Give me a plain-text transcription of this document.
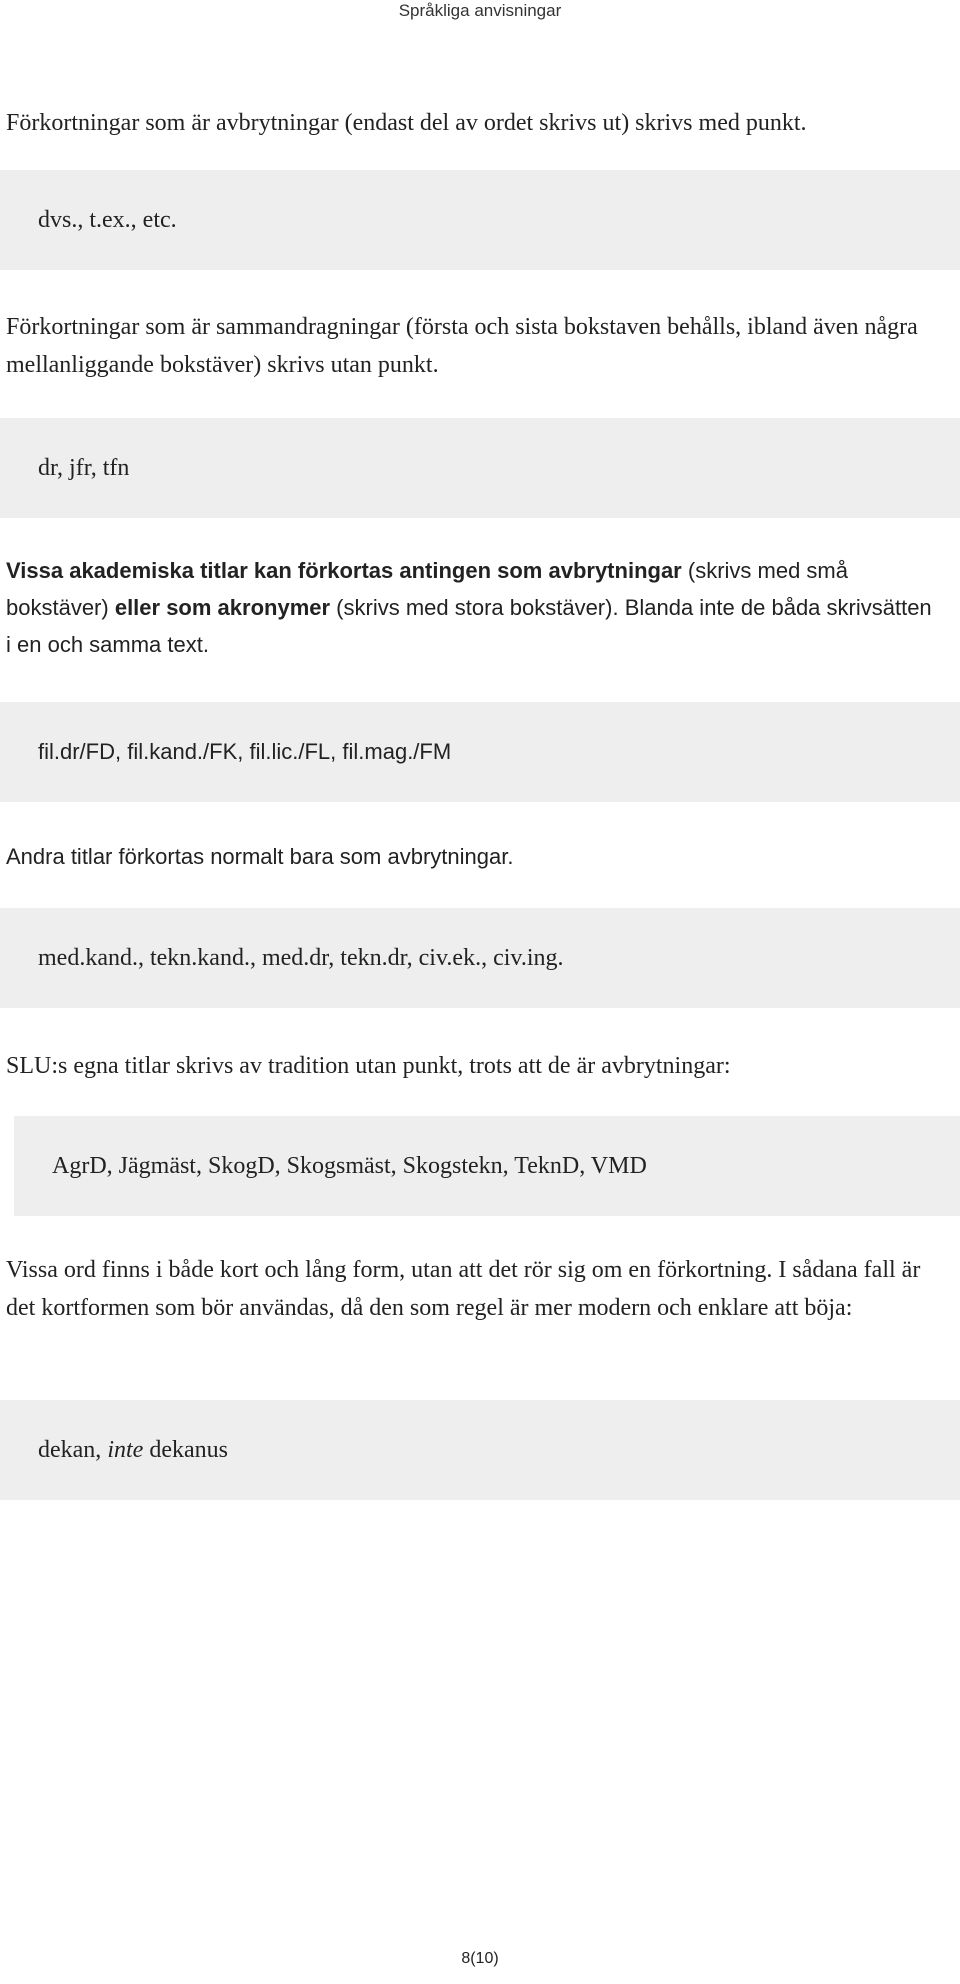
Språkliga anvisningar

Förkortningar som är avbrytningar (endast del av ordet skrivs ut) skrivs med punkt.

dvs., t.ex., etc.

Förkortningar som är sammandragningar (första och sista bokstaven behålls, ibland även några mellanliggande bokstäver) skrivs utan punkt.

dr, jfr, tfn

Vissa akademiska titlar kan förkortas antingen som avbrytningar (skrivs med små bokstäver) eller som akronymer (skrivs med stora bokstäver). Blanda inte de båda skrivsätten i en och samma text.

fil.dr/FD, fil.kand./FK, fil.lic./FL, fil.mag./FM

Andra titlar förkortas normalt bara som avbrytningar.

med.kand., tekn.kand., med.dr, tekn.dr, civ.ek., civ.ing.

SLU:s egna titlar skrivs av tradition utan punkt, trots att de är avbrytningar:

AgrD, Jägmäst, SkogD, Skogsmäst, Skogstekn, TeknD, VMD

Vissa ord finns i både kort och lång form, utan att det rör sig om en förkortning. I sådana fall är det kortformen som bör användas, då den som regel är mer modern och enklare att böja:

dekan, inte dekanus
8(10)
